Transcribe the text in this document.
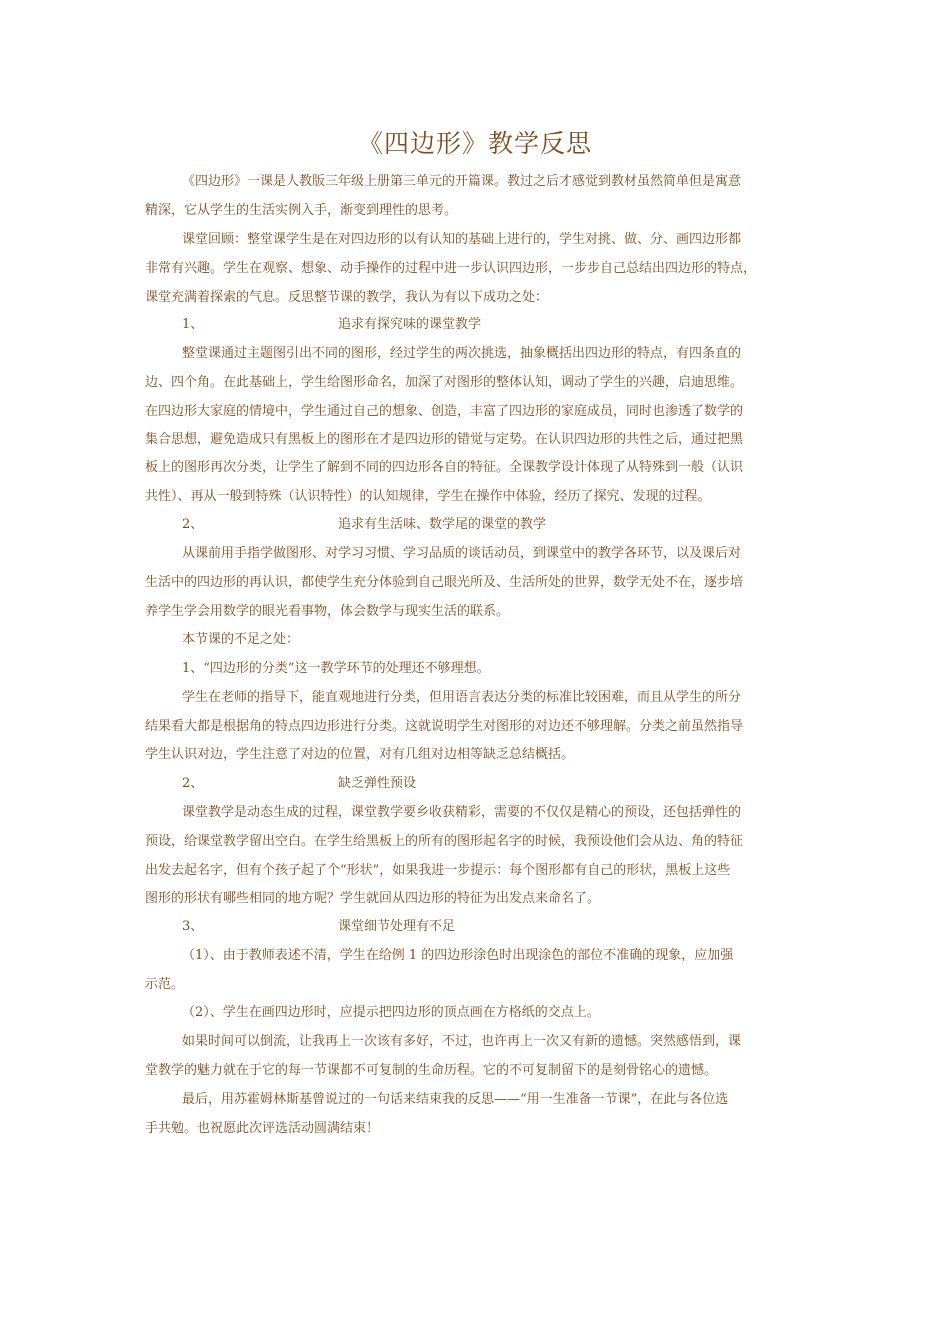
《四边形》教学反思
《四边形》一课是人教版三年级上册第三单元的开篇课。教过之后才感觉到教材虽然简单但是寓意
精深，它从学生的生活实例入手，渐变到理性的思考。
课堂回顾：整堂课学生是在对四边形的以有认知的基础上进行的，学生对挑、做、分、画四边形都
非常有兴趣。学生在观察、想象、动手操作的过程中进一步认识四边形，一步步自己总结出四边形的特点，
课堂充满着探索的气息。反思整节课的教学，我认为有以下成功之处：
1、	追求有探究味的课堂教学
整堂课通过主题图引出不同的图形，经过学生的两次挑选，抽象概括出四边形的特点，有四条直的
边、四个角。在此基础上，学生给图形命名，加深了对图形的整体认知，调动了学生的兴趣，启迪思维。
在四边形大家庭的情境中，学生通过自己的想象、创造，丰富了四边形的家庭成员，同时也渗透了数学的
集合思想，避免造成只有黑板上的图形在才是四边形的错觉与定势。在认识四边形的共性之后，通过把黑
板上的图形再次分类，让学生了解到不同的四边形各自的特征。全课教学设计体现了从特殊到一般（认识
共性）、再从一般到特殊（认识特性）的认知规律，学生在操作中体验，经历了探究、发现的过程。
2、	追求有生活味、数学尾的课堂的教学
从课前用手指学做图形、对学习习惯、学习品质的谈话动员，到课堂中的教学各环节，以及课后对
生活中的四边形的再认识，都使学生充分体验到自己眼光所及、生活所处的世界，数学无处不在，逐步培
养学生学会用数学的眼光看事物，体会数学与现实生活的联系。
本节课的不足之处：
1、“四边形的分类”这一教学环节的处理还不够理想。
学生在老师的指导下，能直观地进行分类，但用语言表达分类的标准比较困难，而且从学生的所分
结果看大都是根据角的特点四边形进行分类。这就说明学生对图形的对边还不够理解。分类之前虽然指导
学生认识对边，学生注意了对边的位置，对有几组对边相等缺乏总结概括。
2、	缺乏弹性预设
课堂教学是动态生成的过程，课堂教学要乡收获精彩，需要的不仅仅是精心的预设，还包括弹性的
预设，给课堂教学留出空白。在学生给黑板上的所有的图形起名字的时候，我预设他们会从边、角的特征
出发去起名字，但有个孩子起了个“形状”，如果我进一步提示：每个图形都有自己的形状，黑板上这些
图形的形状有哪些相同的地方呢？学生就回从四边形的特征为出发点来命名了。
3、	课堂细节处理有不足
（1）、由于教师表述不清，学生在给例 1 的四边形涂色时出现涂色的部位不准确的现象，应加强
示范。
（2）、学生在画四边形时，应提示把四边形的顶点画在方格纸的交点上。
如果时间可以倒流，让我再上一次该有多好，不过，也许再上一次又有新的遗憾。突然感悟到，课
堂教学的魅力就在于它的每一节课都不可复制的生命历程。它的不可复制留下的是刻骨铭心的遗憾。
最后，用苏霍姆林斯基曾说过的一句话来结束我的反思——“用一生准备一节课”，在此与各位选
手共勉。也祝愿此次评选活动圆满结束！
